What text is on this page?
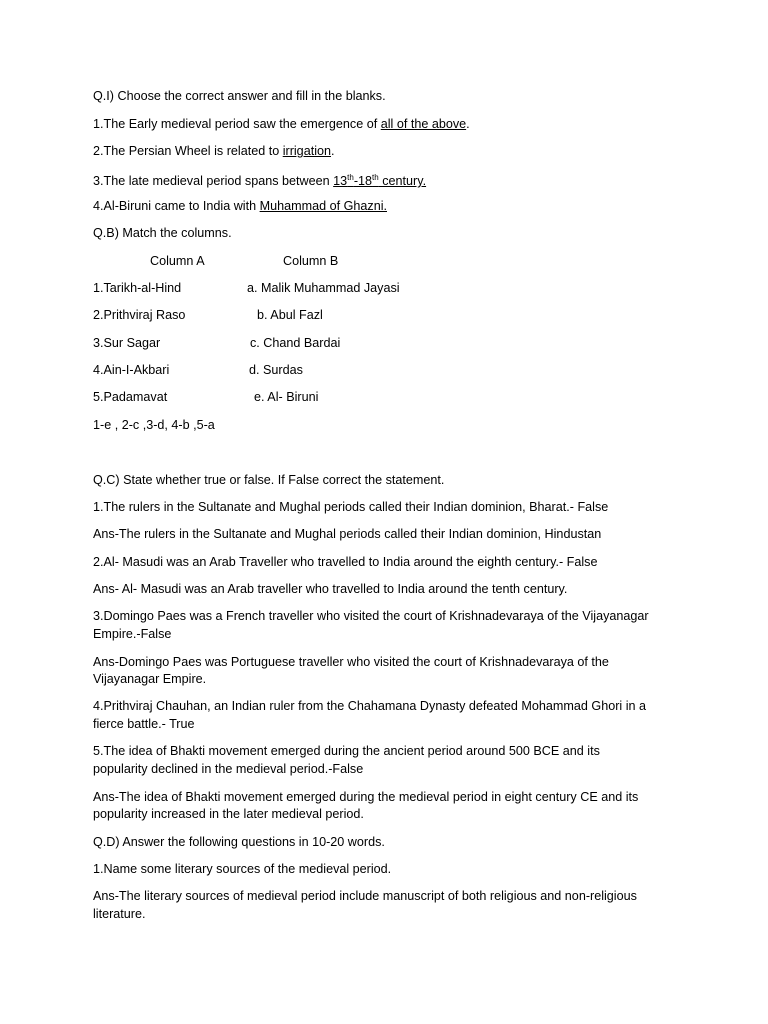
Q.I) Choose the correct answer and fill in the blanks.
1.The Early medieval period saw the emergence of all of the above.
2.The Persian Wheel is related to irrigation.
3.The late medieval period spans between 13th-18th century.
4.Al-Biruni came to India with Muhammad of Ghazni.
Q.B) Match the columns.
Column A	Column B
1.Tarikh-al-Hind	a. Malik Muhammad Jayasi
2.Prithviraj Raso	b. Abul Fazl
3.Sur Sagar	c. Chand Bardai
4.Ain-I-Akbari	d. Surdas
5.Padamavat	e. Al- Biruni
1-e , 2-c ,3-d, 4-b ,5-a
Q.C) State whether true or false. If False correct the statement.
1.The rulers in the Sultanate and Mughal periods called their Indian dominion, Bharat.- False
Ans-The rulers in the Sultanate and Mughal periods called their Indian dominion, Hindustan
2.Al- Masudi was an Arab Traveller who travelled to India around the eighth century.- False
Ans- Al- Masudi was an Arab traveller who travelled to India around the tenth century.
3.Domingo Paes was a French traveller who visited the court of Krishnadevaraya of the Vijayanagar
Empire.-False
Ans-Domingo Paes was Portuguese traveller who visited the court of Krishnadevaraya of the
Vijayanagar Empire.
4.Prithviraj Chauhan, an Indian ruler from the Chahamana Dynasty defeated Mohammad Ghori in a
fierce battle.- True
5.The idea of Bhakti movement emerged during the ancient period around 500 BCE and its
popularity declined in the medieval period.-False
Ans-The idea of Bhakti movement emerged during the medieval period in eight century CE and its
popularity increased in the later medieval period.
Q.D) Answer the following questions in 10-20 words.
1.Name some literary sources of the medieval period.
Ans-The literary sources of medieval period include manuscript of both religious and non-religious
literature.
